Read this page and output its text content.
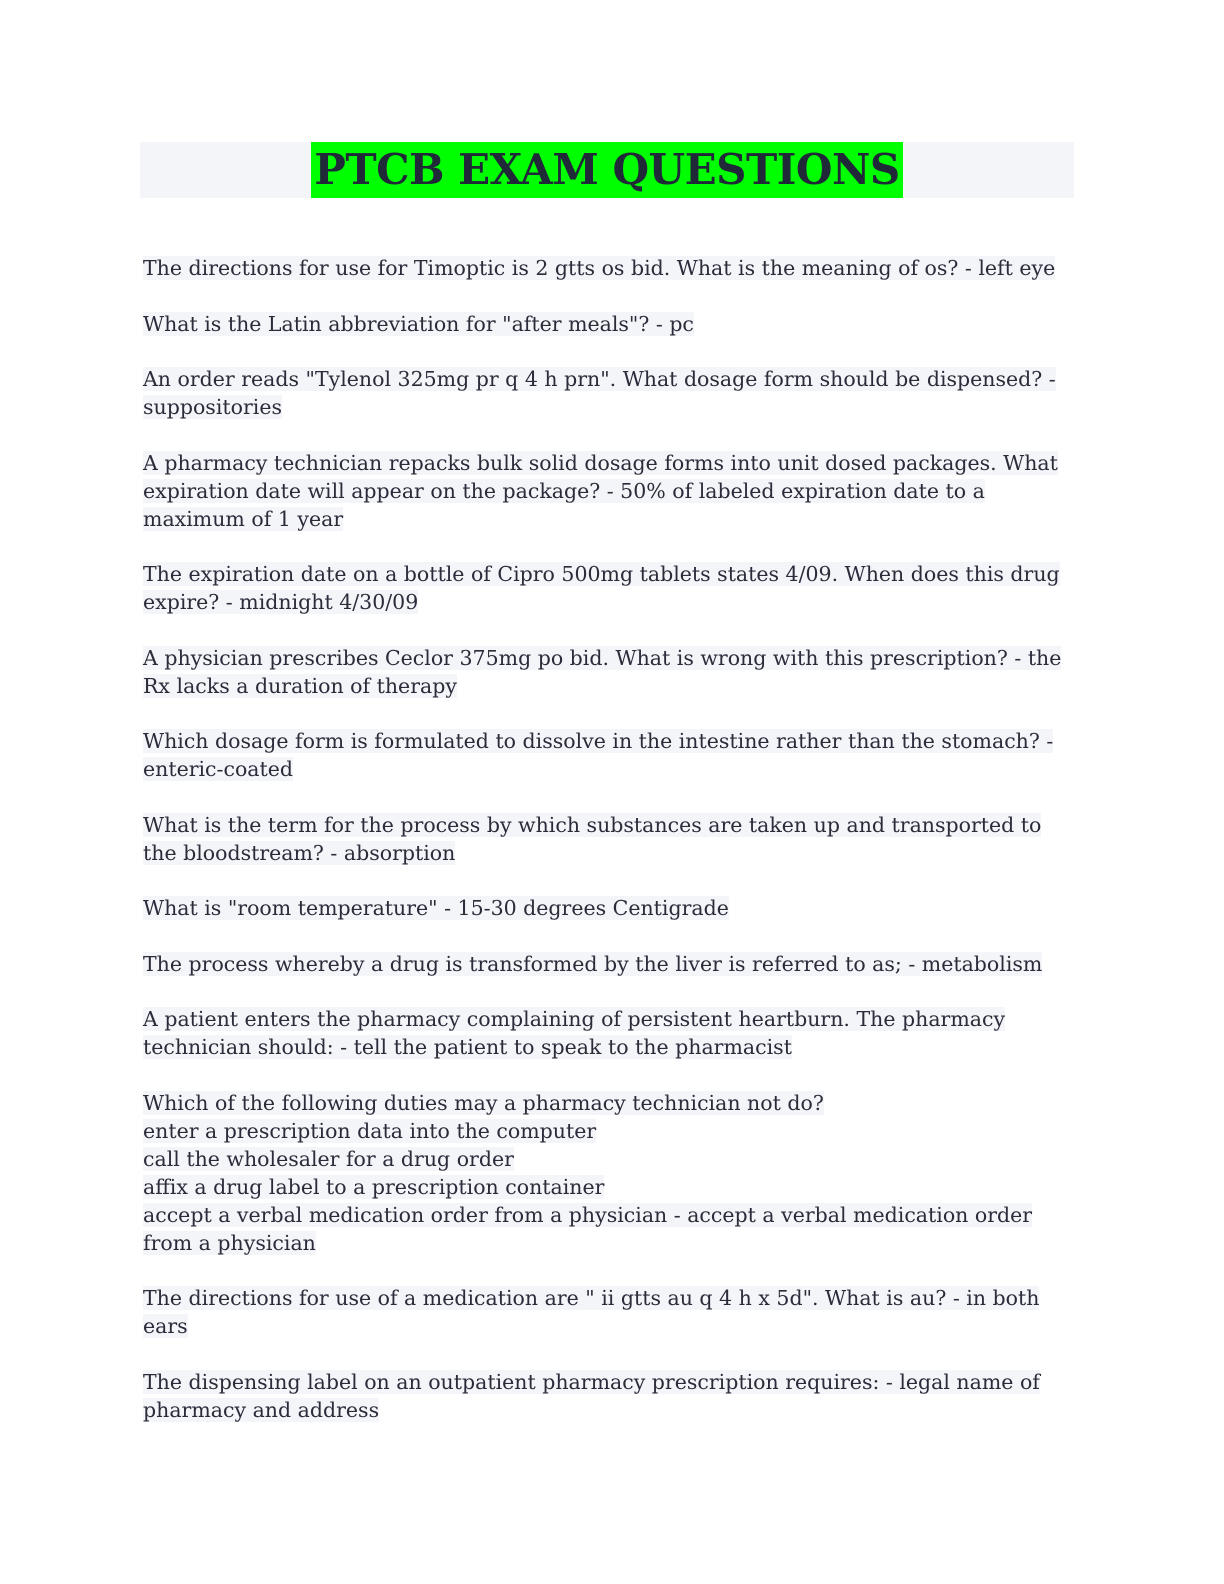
PTCB EXAM QUESTIONS
The directions for use for Timoptic is 2 gtts os bid. What is the meaning of os? - left eye
What is the Latin abbreviation for "after meals"? - pc
An order reads "Tylenol 325mg pr q 4 h prn". What dosage form should be dispensed? - suppositories
A pharmacy technician repacks bulk solid dosage forms into unit dosed packages. What expiration date will appear on the package? - 50% of labeled expiration date to a maximum of 1 year
The expiration date on a bottle of Cipro 500mg tablets states 4/09. When does this drug expire? - midnight 4/30/09
A physician prescribes Ceclor 375mg po bid. What is wrong with this prescription? - the Rx lacks a duration of therapy
Which dosage form is formulated to dissolve in the intestine rather than the stomach? - enteric-coated
What is the term for the process by which substances are taken up and transported to the bloodstream? - absorption
What is "room temperature" - 15-30 degrees Centigrade
The process whereby a drug is transformed by the liver is referred to as; - metabolism
A patient enters the pharmacy complaining of persistent heartburn. The pharmacy technician should: - tell the patient to speak to the pharmacist
Which of the following duties may a pharmacy technician not do?
enter a prescription data into the computer
call the wholesaler for a drug order
affix a drug label to a prescription container
accept a verbal medication order from a physician - accept a verbal medication order from a physician
The directions for use of a medication are " ii gtts au q 4 h x 5d". What is au? - in both ears
The dispensing label on an outpatient pharmacy prescription requires: - legal name of pharmacy and address
